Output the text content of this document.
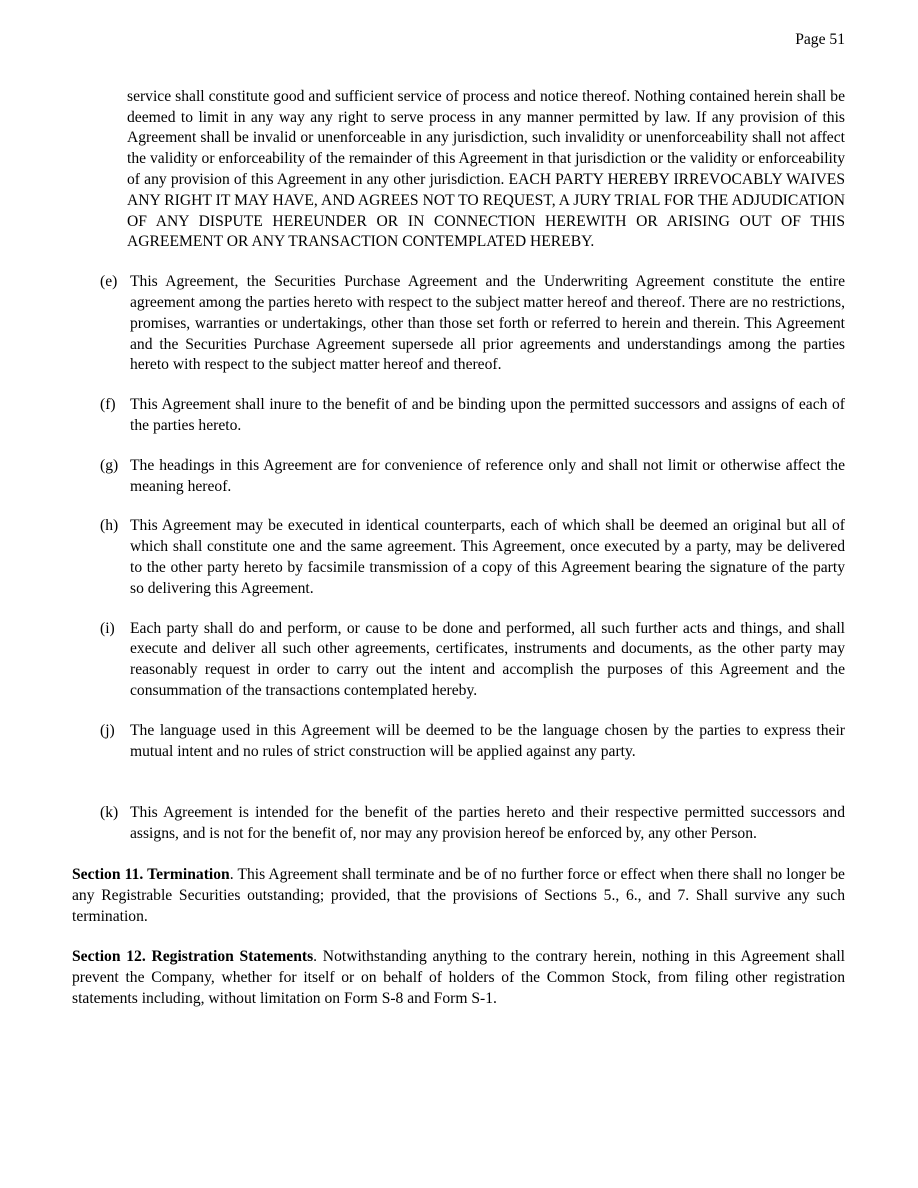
Page 51

service shall constitute good and sufficient service of process and notice thereof. Nothing contained herein shall be deemed to limit in any way any right to serve process in any manner permitted by law. If any provision of this Agreement shall be invalid or unenforceable in any jurisdiction, such invalidity or unenforceability shall not affect the validity or enforceability of the remainder of this Agreement in that jurisdiction or the validity or enforceability of any provision of this Agreement in any other jurisdiction. EACH PARTY HEREBY IRREVOCABLY WAIVES ANY RIGHT IT MAY HAVE, AND AGREES NOT TO REQUEST, A JURY TRIAL FOR THE ADJUDICATION OF ANY DISPUTE HEREUNDER OR IN CONNECTION HEREWITH OR ARISING OUT OF THIS AGREEMENT OR ANY TRANSACTION CONTEMPLATED HEREBY.

(e) This Agreement, the Securities Purchase Agreement and the Underwriting Agreement constitute the entire agreement among the parties hereto with respect to the subject matter hereof and thereof. There are no restrictions, promises, warranties or undertakings, other than those set forth or referred to herein and therein. This Agreement and the Securities Purchase Agreement supersede all prior agreements and understandings among the parties hereto with respect to the subject matter hereof and thereof.
(f) This Agreement shall inure to the benefit of and be binding upon the permitted successors and assigns of each of the parties hereto.
(g) The headings in this Agreement are for convenience of reference only and shall not limit or otherwise affect the meaning hereof.
(h) This Agreement may be executed in identical counterparts, each of which shall be deemed an original but all of which shall constitute one and the same agreement. This Agreement, once executed by a party, may be delivered to the other party hereto by facsimile transmission of a copy of this Agreement bearing the signature of the party so delivering this Agreement.
(i) Each party shall do and perform, or cause to be done and performed, all such further acts and things, and shall execute and deliver all such other agreements, certificates, instruments and documents, as the other party may reasonably request in order to carry out the intent and accomplish the purposes of this Agreement and the consummation of the transactions contemplated hereby.
(j) The language used in this Agreement will be deemed to be the language chosen by the parties to express their mutual intent and no rules of strict construction will be applied against any party.
(k) This Agreement is intended for the benefit of the parties hereto and their respective permitted successors and assigns, and is not for the benefit of, nor may any provision hereof be enforced by, any other Person.

Section 11. Termination. This Agreement shall terminate and be of no further force or effect when there shall no longer be any Registrable Securities outstanding; provided, that the provisions of Sections 5., 6., and 7. Shall survive any such termination.

Section 12. Registration Statements. Notwithstanding anything to the contrary herein, nothing in this Agreement shall prevent the Company, whether for itself or on behalf of holders of the Common Stock, from filing other registration statements including, without limitation on Form S-8 and Form S-1.
